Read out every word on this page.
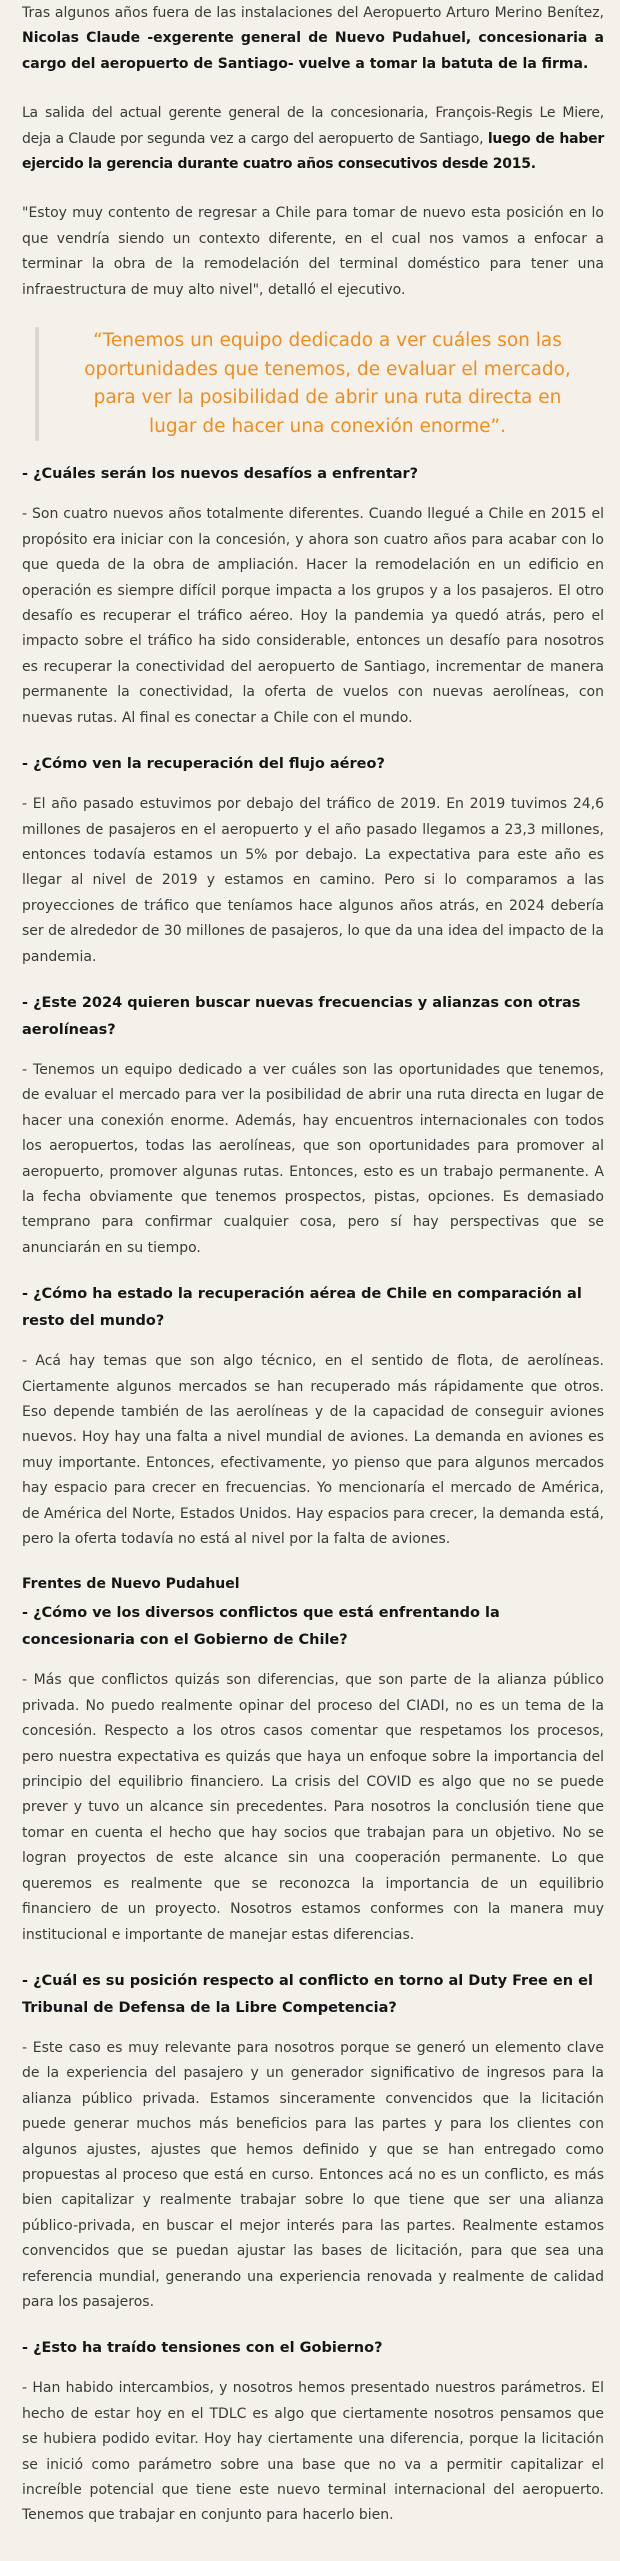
Tras algunos años fuera de las instalaciones del Aeropuerto Arturo Merino Benítez, Nicolas Claude -exgerente general de Nuevo Pudahuel, concesionaria a cargo del aeropuerto de Santiago- vuelve a tomar la batuta de la firma.

La salida del actual gerente general de la concesionaria, François-Regis Le Miere, deja a Claude por segunda vez a cargo del aeropuerto de Santiago, luego de haber ejercido la gerencia durante cuatro años consecutivos desde 2015.

"Estoy muy contento de regresar a Chile para tomar de nuevo esta posición en lo que vendría siendo un contexto diferente, en el cual nos vamos a enfocar a terminar la obra de la remodelación del terminal doméstico para tener una infraestructura de muy alto nivel", detalló el ejecutivo.

“Tenemos un equipo dedicado a ver cuáles son las oportunidades que tenemos, de evaluar el mercado, para ver la posibilidad de abrir una ruta directa en lugar de hacer una conexión enorme”.

- ¿Cuáles serán los nuevos desafíos a enfrentar?

- Son cuatro nuevos años totalmente diferentes. Cuando llegué a Chile en 2015 el propósito era iniciar con la concesión, y ahora son cuatro años para acabar con lo que queda de la obra de ampliación. Hacer la remodelación en un edificio en operación es siempre difícil porque impacta a los grupos y a los pasajeros. El otro desafío es recuperar el tráfico aéreo. Hoy la pandemia ya quedó atrás, pero el impacto sobre el tráfico ha sido considerable, entonces un desafío para nosotros es recuperar la conectividad del aeropuerto de Santiago, incrementar de manera permanente la conectividad, la oferta de vuelos con nuevas aerolíneas, con nuevas rutas. Al final es conectar a Chile con el mundo.

- ¿Cómo ven la recuperación del flujo aéreo?

- El año pasado estuvimos por debajo del tráfico de 2019. En 2019 tuvimos 24,6 millones de pasajeros en el aeropuerto y el año pasado llegamos a 23,3 millones, entonces todavía estamos un 5% por debajo. La expectativa para este año es llegar al nivel de 2019 y estamos en camino. Pero si lo comparamos a las proyecciones de tráfico que teníamos hace algunos años atrás, en 2024 debería ser de alrededor de 30 millones de pasajeros, lo que da una idea del impacto de la pandemia.

- ¿Este 2024 quieren buscar nuevas frecuencias y alianzas con otras aerolíneas?

- Tenemos un equipo dedicado a ver cuáles son las oportunidades que tenemos, de evaluar el mercado para ver la posibilidad de abrir una ruta directa en lugar de hacer una conexión enorme. Además, hay encuentros internacionales con todos los aeropuertos, todas las aerolíneas, que son oportunidades para promover al aeropuerto, promover algunas rutas. Entonces, esto es un trabajo permanente. A la fecha obviamente que tenemos prospectos, pistas, opciones. Es demasiado temprano para confirmar cualquier cosa, pero sí hay perspectivas que se anunciarán en su tiempo.

- ¿Cómo ha estado la recuperación aérea de Chile en comparación al resto del mundo?

- Acá hay temas que son algo técnico, en el sentido de flota, de aerolíneas. Ciertamente algunos mercados se han recuperado más rápidamente que otros. Eso depende también de las aerolíneas y de la capacidad de conseguir aviones nuevos. Hoy hay una falta a nivel mundial de aviones. La demanda en aviones es muy importante. Entonces, efectivamente, yo pienso que para algunos mercados hay espacio para crecer en frecuencias. Yo mencionaría el mercado de América, de América del Norte, Estados Unidos. Hay espacios para crecer, la demanda está, pero la oferta todavía no está al nivel por la falta de aviones.

Frentes de Nuevo Pudahuel

- ¿Cómo ve los diversos conflictos que está enfrentando la concesionaria con el Gobierno de Chile?

- Más que conflictos quizás son diferencias, que son parte de la alianza público privada. No puedo realmente opinar del proceso del CIADI, no es un tema de la concesión. Respecto a los otros casos comentar que respetamos los procesos, pero nuestra expectativa es quizás que haya un enfoque sobre la importancia del principio del equilibrio financiero. La crisis del COVID es algo que no se puede prever y tuvo un alcance sin precedentes. Para nosotros la conclusión tiene que tomar en cuenta el hecho que hay socios que trabajan para un objetivo. No se logran proyectos de este alcance sin una cooperación permanente. Lo que queremos es realmente que se reconozca la importancia de un equilibrio financiero de un proyecto. Nosotros estamos conformes con la manera muy institucional e importante de manejar estas diferencias.

- ¿Cuál es su posición respecto al conflicto en torno al Duty Free en el Tribunal de Defensa de la Libre Competencia?

- Este caso es muy relevante para nosotros porque se generó un elemento clave de la experiencia del pasajero y un generador significativo de ingresos para la alianza público privada. Estamos sinceramente convencidos que la licitación puede generar muchos más beneficios para las partes y para los clientes con algunos ajustes, ajustes que hemos definido y que se han entregado como propuestas al proceso que está en curso. Entonces acá no es un conflicto, es más bien capitalizar y realmente trabajar sobre lo que tiene que ser una alianza público-privada, en buscar el mejor interés para las partes. Realmente estamos convencidos que se puedan ajustar las bases de licitación, para que sea una referencia mundial, generando una experiencia renovada y realmente de calidad para los pasajeros.

- ¿Esto ha traído tensiones con el Gobierno?

- Han habido intercambios, y nosotros hemos presentado nuestros parámetros. El hecho de estar hoy en el TDLC es algo que ciertamente nosotros pensamos que se hubiera podido evitar. Hoy hay ciertamente una diferencia, porque la licitación se inició como parámetro sobre una base que no va a permitir capitalizar el increíble potencial que tiene este nuevo terminal internacional del aeropuerto. Tenemos que trabajar en conjunto para hacerlo bien.
